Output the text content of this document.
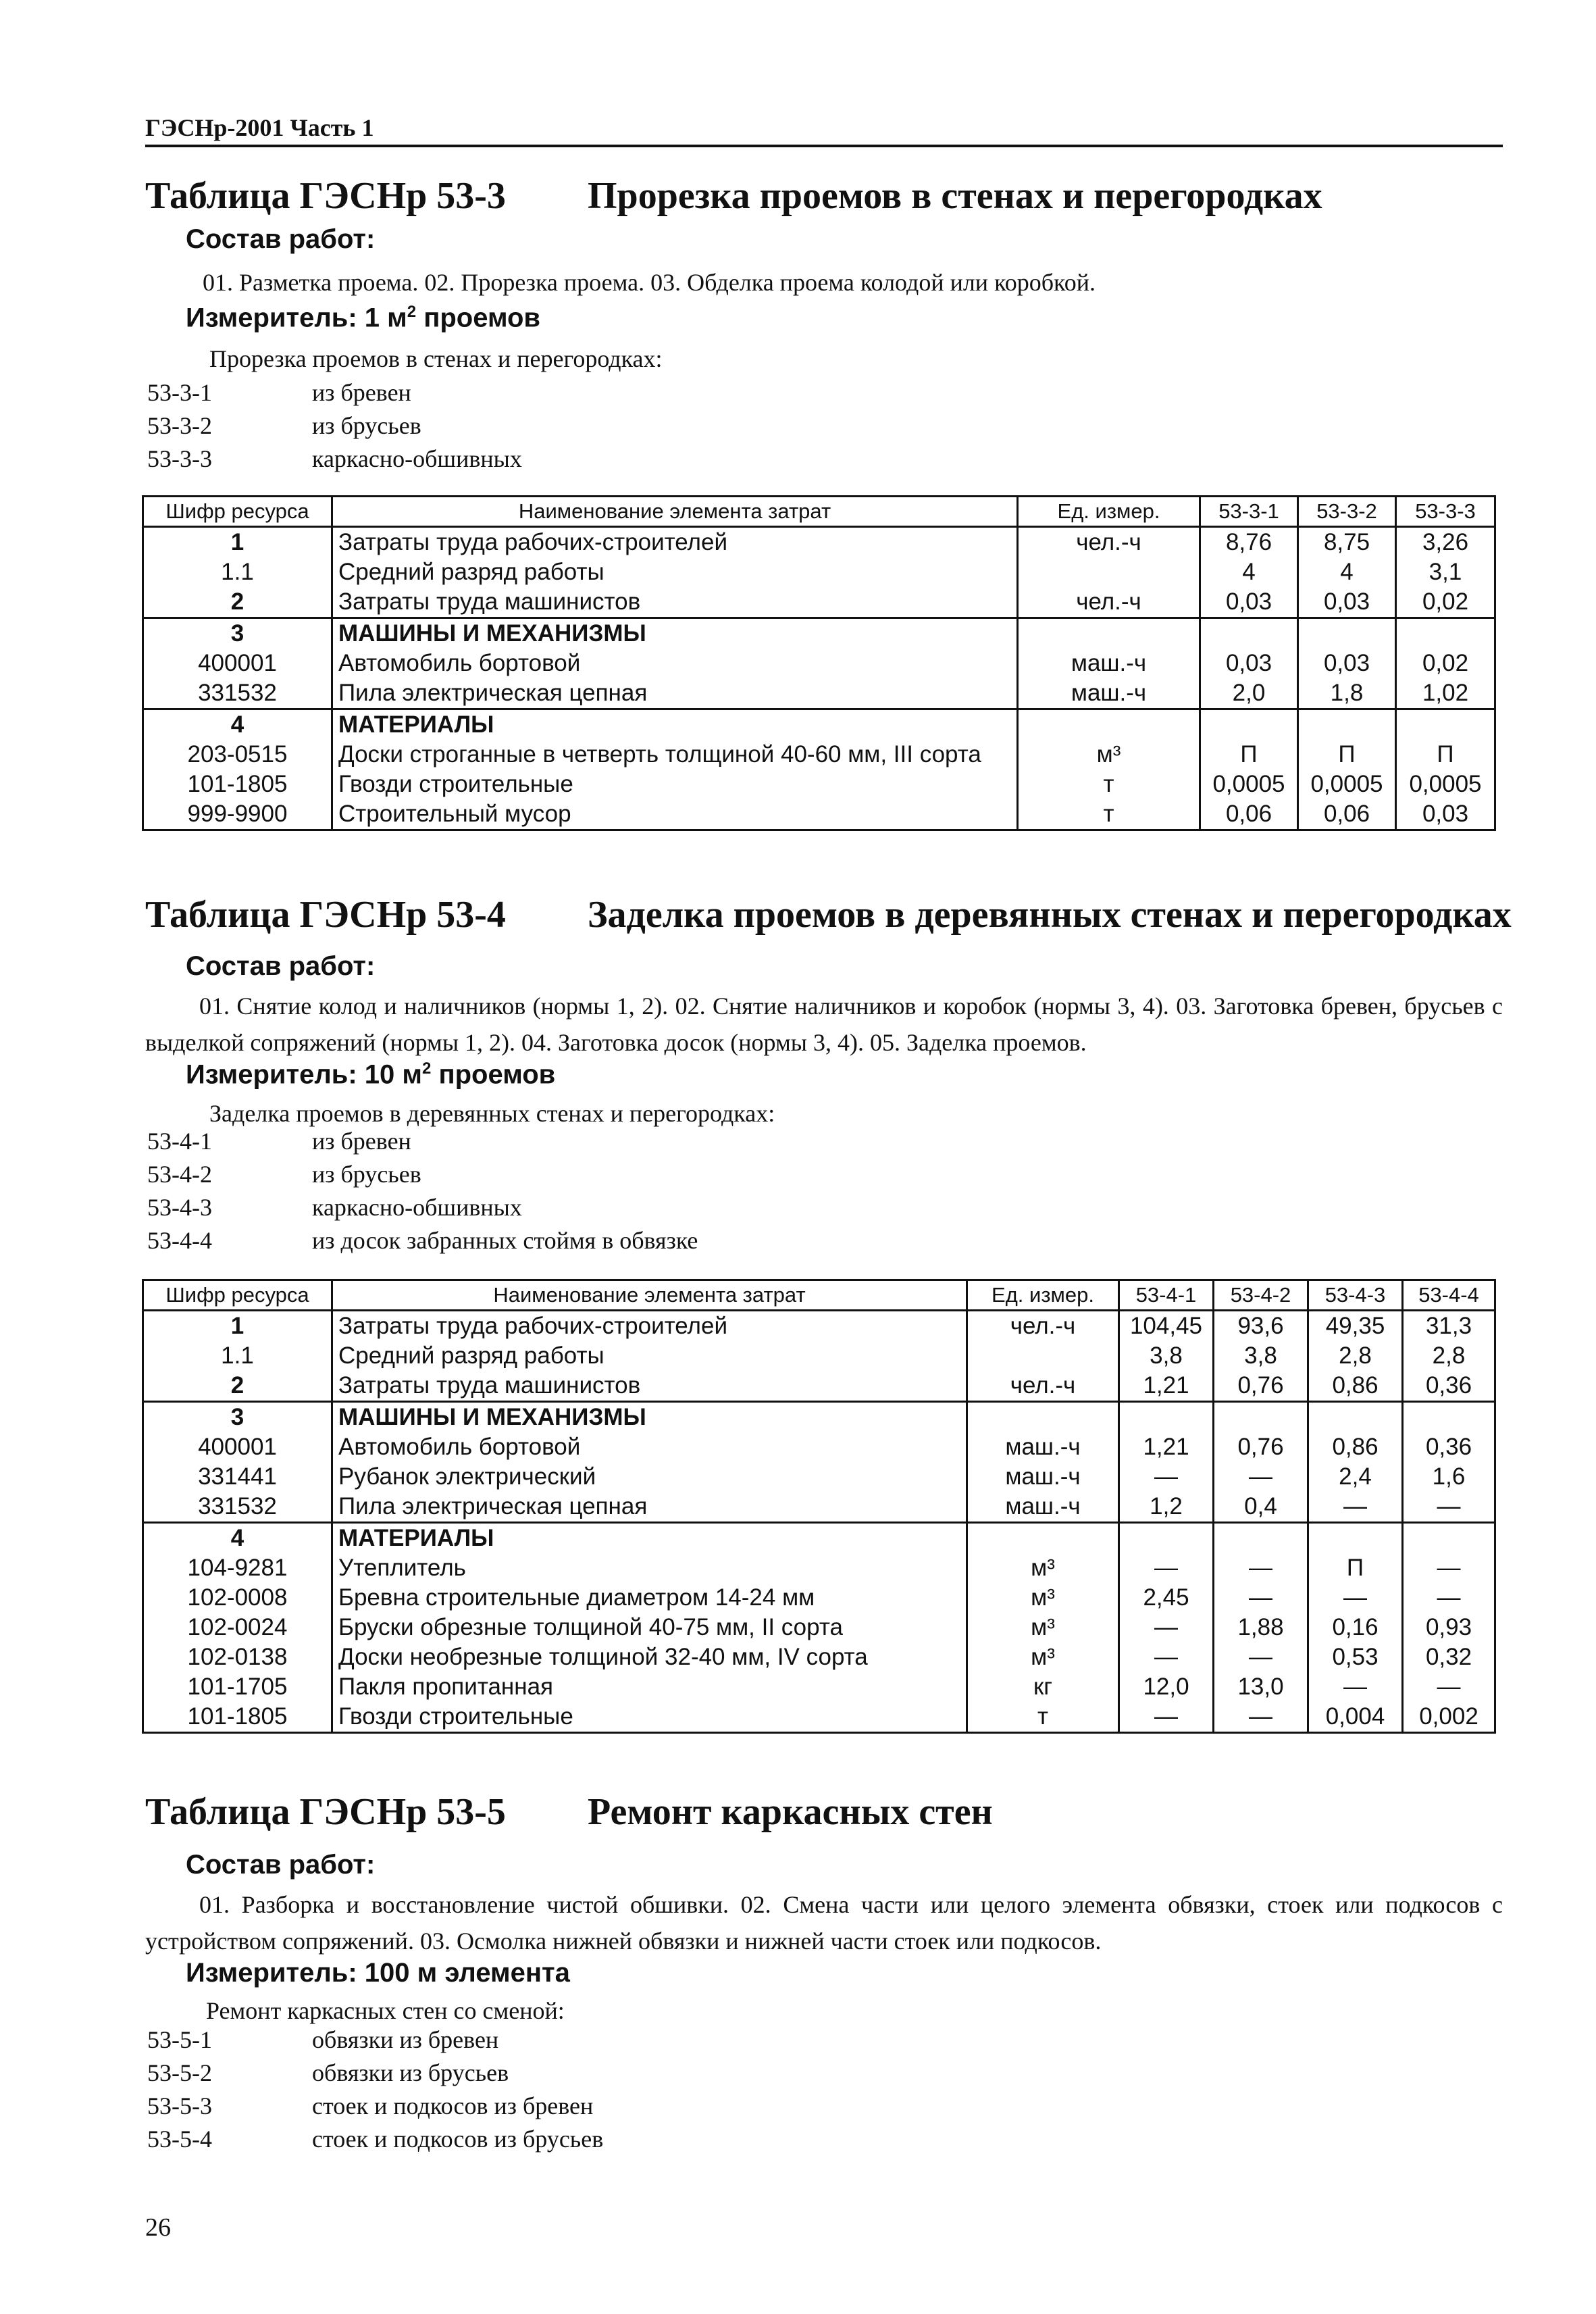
ГЭСНр-2001 Часть 1
Таблица ГЭСНр 53-3 Прорезка проемов в стенах и перегородках
Состав работ:
01. Разметка проема. 02. Прорезка проема. 03. Обделка проема колодой или коробкой.
Измеритель: 1 $м^2$ проемов
Прорезка проемов в стенах и перегородках:
53-3-1	из бревен
53-3-2	из брусьев
53-3-3	каркасно-обшивных
Шифр ресурса	Наименование элемента затрат	Ед. измер.	53-3-1	53-3-2	53-3-3
1	Затраты труда рабочих-строителей	чел.-ч	8,76	8,75	3,26
1.1	Средний разряд работы		4	4	3,1
2	Затраты труда машинистов	чел.-ч	0,03	0,03	0,02
3	МАШИНЫ И МЕХАНИЗМЫ				
400001	Автомобиль бортовой	маш.-ч	0,03	0,03	0,02
331532	Пила электрическая цепная	маш.-ч	2,0	1,8	1,02
4	МАТЕРИАЛЫ				
203-0515	Доски строганные в четверть толщиной 40-60 мм, III сорта	м³	П	П	П
101-1805	Гвозди строительные	т	0,0005	0,0005	0,0005
999-9900	Строительный мусор	т	0,06	0,06	0,03
Таблица ГЭСНр 53-4 Заделка проемов в деревянных стенах и перегородках
Состав работ:
01. Снятие колод и наличников (нормы 1, 2). 02. Снятие наличников и коробок (нормы 3, 4). 03. Заготовка бревен, брусьев с выделкой сопряжений (нормы 1, 2). 04. Заготовка досок (нормы 3, 4). 05. Заделка проемов.
Измеритель: 10 $м^2$ проемов
Заделка проемов в деревянных стенах и перегородках:
53-4-1	из бревен
53-4-2	из брусьев
53-4-3	каркасно-обшивных
53-4-4	из досок забранных стоймя в обвязке
Шифр ресурса	Наименование элемента затрат	Ед. измер.	53-4-1	53-4-2	53-4-3	53-4-4
1	Затраты труда рабочих-строителей	чел.-ч	104,45	93,6	49,35	31,3
1.1	Средний разряд работы		3,8	3,8	2,8	2,8
2	Затраты труда машинистов	чел.-ч	1,21	0,76	0,86	0,36
3	МАШИНЫ И МЕХАНИЗМЫ					
400001	Автомобиль бортовой	маш.-ч	1,21	0,76	0,86	0,36
331441	Рубанок электрический	маш.-ч	—	—	2,4	1,6
331532	Пила электрическая цепная	маш.-ч	1,2	0,4	—	—
4	МАТЕРИАЛЫ					
104-9281	Утеплитель	м³	—	—	П	—
102-0008	Бревна строительные диаметром 14-24 мм	м³	2,45	—	—	—
102-0024	Бруски обрезные толщиной 40-75 мм, II сорта	м³	—	1,88	0,16	0,93
102-0138	Доски необрезные толщиной 32-40 мм, IV сорта	м³	—	—	0,53	0,32
101-1705	Пакля пропитанная	кг	12,0	13,0	—	—
101-1805	Гвозди строительные	т	—	—	0,004	0,002
Таблица ГЭСНр 53-5 Ремонт каркасных стен
Состав работ:
01. Разборка и восстановление чистой обшивки. 02. Смена части или целого элемента обвязки, стоек или подкосов с устройством сопряжений. 03. Осмолка нижней обвязки и нижней части стоек или подкосов.
Измеритель: 100 м элемента
Ремонт каркасных стен со сменой:
53-5-1	обвязки из бревен
53-5-2	обвязки из брусьев
53-5-3	стоек и подкосов из бревен
53-5-4	стоек и подкосов из брусьев
26
